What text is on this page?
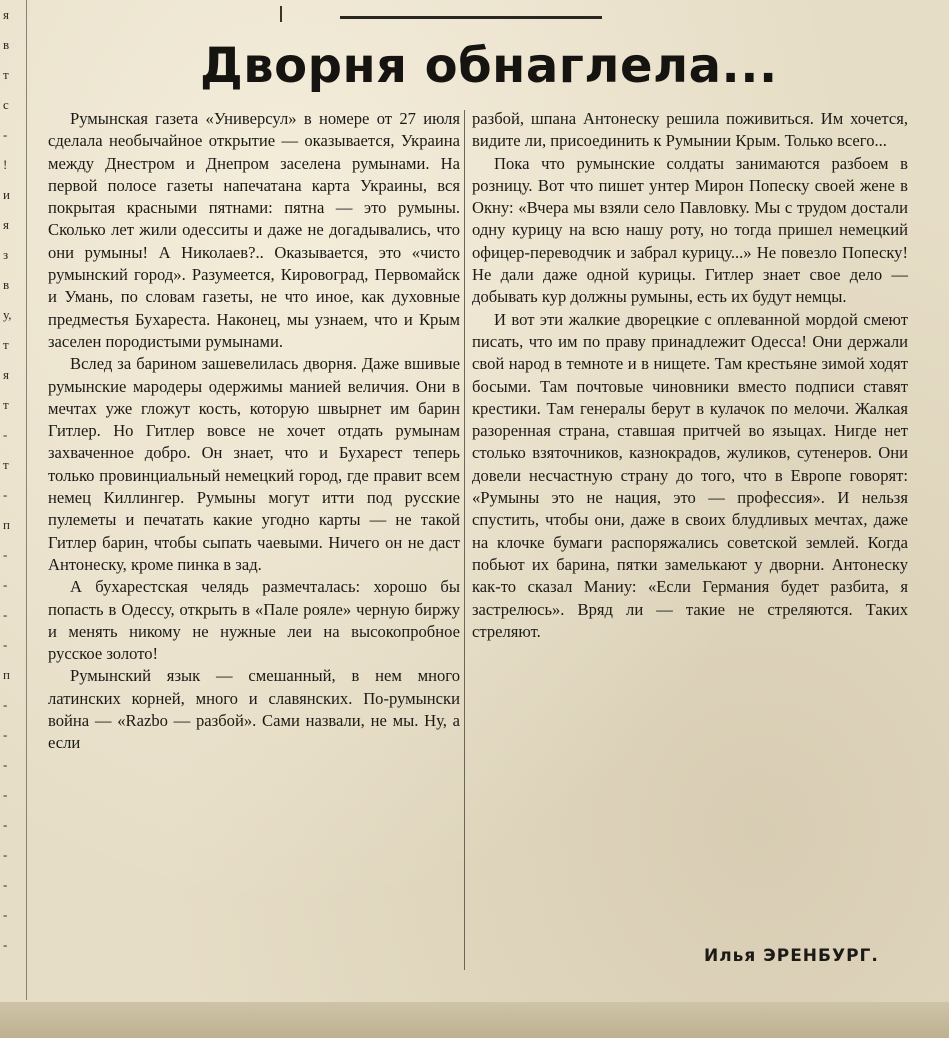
я
в
т
с
-
!
и
я
з
в
у,
т
я
т
-
т
-
п
-
-
-
-
п
-
-
-
-
-
-
-
-
-
Дворня обнаглела...

Румынская газета «Универсул» в номере от 27 июля сделала необычайное открытие — оказывается, Украина между Днестром и Днепром заселена румынами. На первой полосе газеты напечатана карта Украины, вся покрытая красными пятнами: пятна — это румыны. Сколько лет жили одесситы и даже не догадывались, что они румыны! А Николаев?.. Оказывается, это «чисто румынский город». Разумеется, Кировоград, Первомайск и Умань, по словам газеты, не что иное, как духовные предместья Бухареста. Наконец, мы узнаем, что и Крым заселен породистыми румынами.

Вслед за барином зашевелилась дворня. Даже вшивые румынские мародеры одержимы манией величия. Они в мечтах уже гложут кость, которую швырнет им барин Гитлер. Но Гитлер вовсе не хочет отдать румынам захваченное добро. Он знает, что и Бухарест теперь только провинциальный немецкий город, где правит всем немец Киллингер. Румыны могут итти под русские пулеметы и печатать какие угодно карты — не такой Гитлер барин, чтобы сыпать чаевыми. Ничего он не даст Антонеску, кроме пинка в зад.

А бухарестская челядь размечталась: хорошо бы попасть в Одессу, открыть в «Пале рояле» черную биржу и менять никому не нужные леи на высокопробное русское золото!

Румынский язык — смешанный, в нем много латинских корней, много и славянских. По-румынски война — «Razbo — разбой». Сами назвали, не мы. Ну, а если

разбой, шпана Антонеску решила поживиться. Им хочется, видите ли, присоединить к Румынии Крым. Только всего...

Пока что румынские солдаты занимаются разбоем в розницу. Вот что пишет унтер Мирон Попеску своей жене в Окну: «Вчера мы взяли село Павловку. Мы с трудом достали одну курицу на всю нашу роту, но тогда пришел немецкий офицер-переводчик и забрал курицу...» Не повезло Попеску! Не дали даже одной курицы. Гитлер знает свое дело — добывать кур должны румыны, есть их будут немцы.

И вот эти жалкие дворецкие с оплеванной мордой смеют писать, что им по праву принадлежит Одесса! Они держали свой народ в темноте и в нищете. Там крестьяне зимой ходят босыми. Там почтовые чиновники вместо подписи ставят крестики. Там генералы берут в кулачок по мелочи. Жалкая разоренная страна, ставшая притчей во языцах. Нигде нет столько взяточников, казнокрадов, жуликов, сутенеров. Они довели несчастную страну до того, что в Европе говорят: «Румыны это не нация, это — профессия». И нельзя спустить, чтобы они, даже в своих блудливых мечтах, даже на клочке бумаги распоряжались советской землей. Когда побьют их барина, пятки замелькают у дворни. Антонеску как-то сказал Маниу: «Если Германия будет разбита, я застрелюсь». Вряд ли — такие не стреляются. Таких стреляют.

Илья ЭРЕНБУРГ.
